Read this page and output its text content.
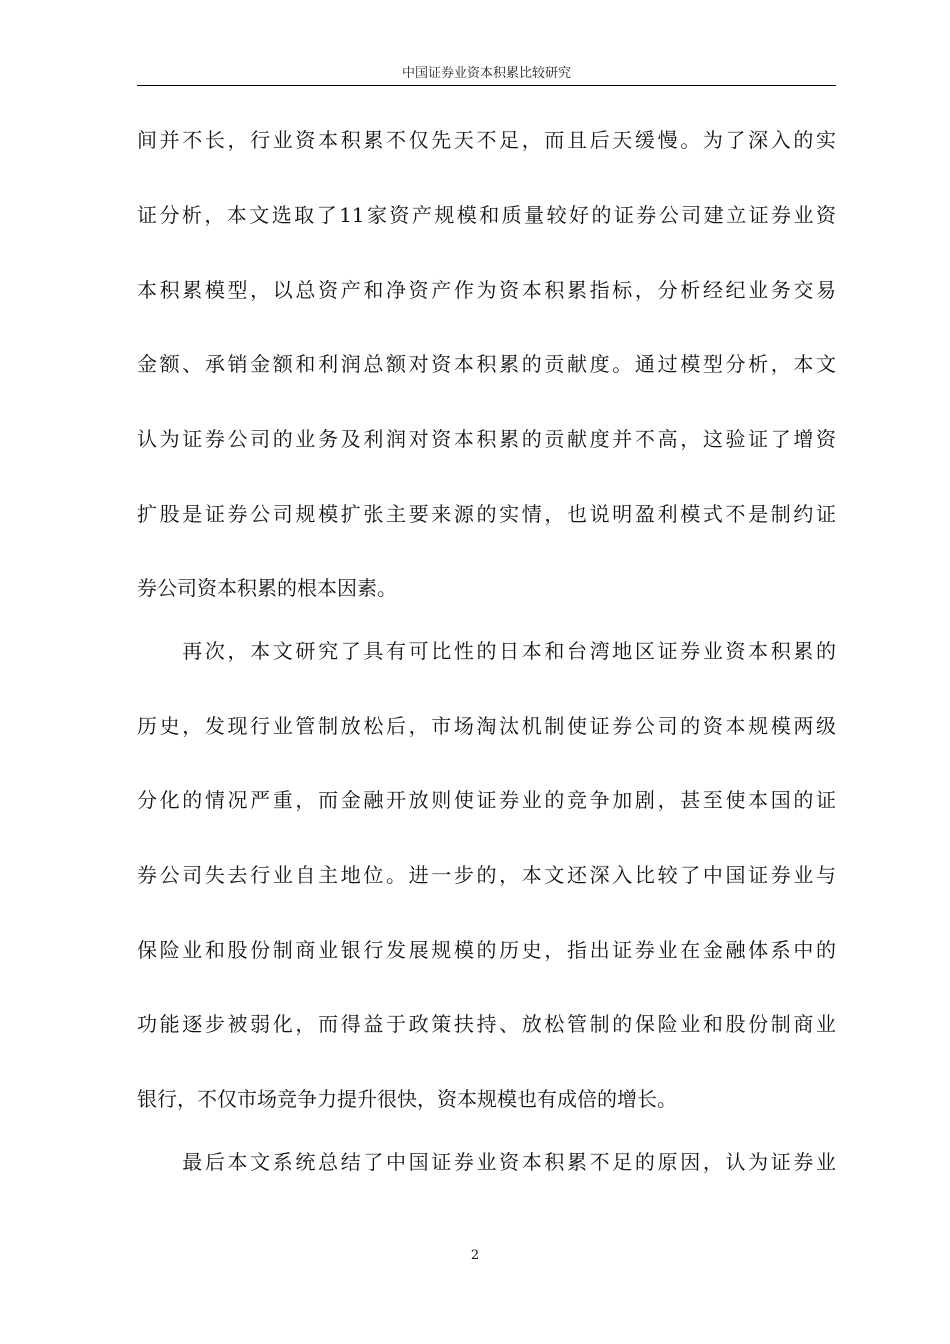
中国证券业资本积累比较研究
间并不长，行业资本积累不仅先天不足，而且后天缓慢。为了深入的实
证分析，本文选取了11家资产规模和质量较好的证券公司建立证券业资
本积累模型，以总资产和净资产作为资本积累指标，分析经纪业务交易
金额、承销金额和利润总额对资本积累的贡献度。通过模型分析，本文
认为证券公司的业务及利润对资本积累的贡献度并不高，这验证了增资
扩股是证券公司规模扩张主要来源的实情，也说明盈利模式不是制约证
券公司资本积累的根本因素。
　　再次，本文研究了具有可比性的日本和台湾地区证券业资本积累的
历史，发现行业管制放松后，市场淘汰机制使证券公司的资本规模两级
分化的情况严重，而金融开放则使证券业的竞争加剧，甚至使本国的证
券公司失去行业自主地位。进一步的，本文还深入比较了中国证券业与
保险业和股份制商业银行发展规模的历史，指出证券业在金融体系中的
功能逐步被弱化，而得益于政策扶持、放松管制的保险业和股份制商业
银行，不仅市场竞争力提升很快，资本规模也有成倍的增长。
　　最后本文系统总结了中国证券业资本积累不足的原因，认为证券业
2
